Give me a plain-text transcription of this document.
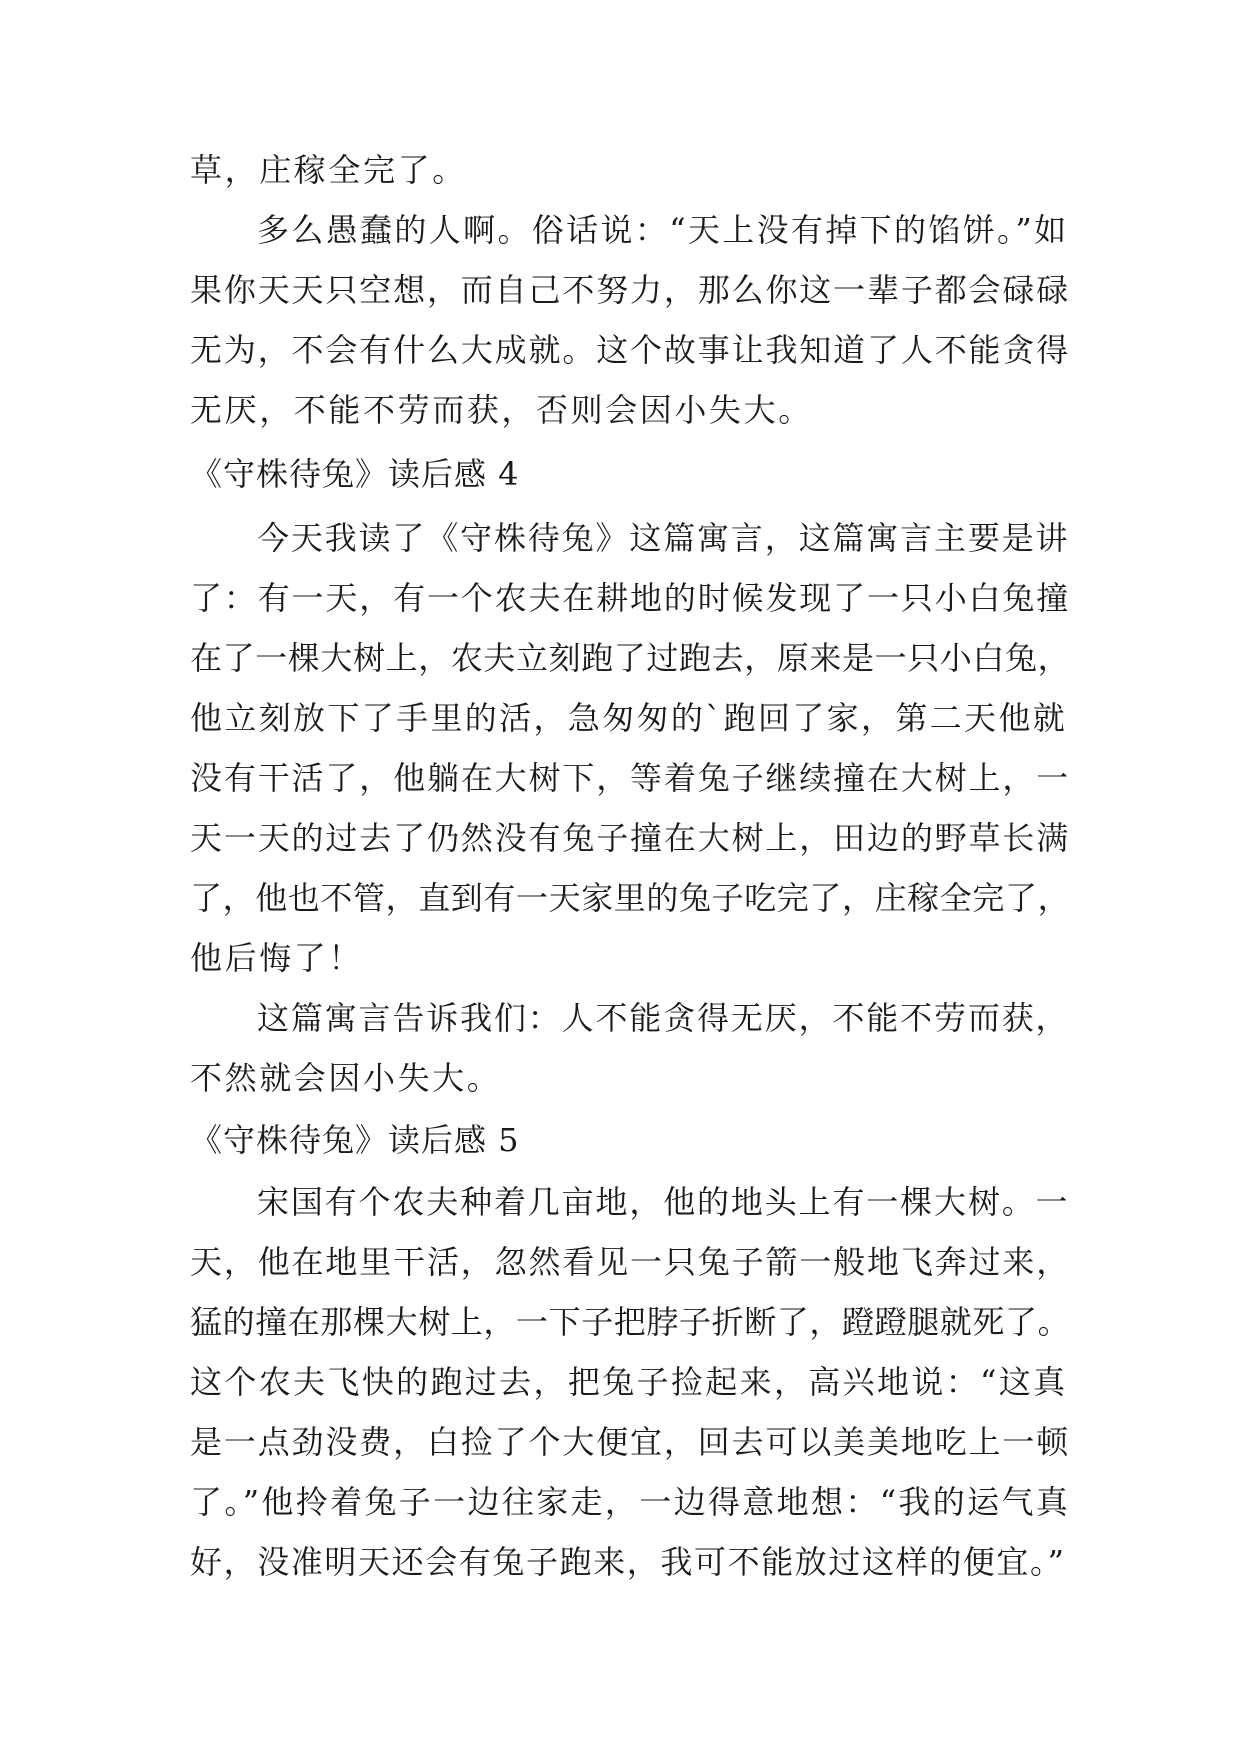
草，庄稼全完了。
多么愚蠢的人啊。俗话说：“天上没有掉下的馅饼。”如
果你天天只空想，而自己不努力，那么你这一辈子都会碌碌
无为，不会有什么大成就。这个故事让我知道了人不能贪得
无厌，不能不劳而获，否则会因小失大。
《守株待兔》读后感 4
今天我读了《守株待兔》这篇寓言，这篇寓言主要是讲
了：有一天，有一个农夫在耕地的时候发现了一只小白兔撞
在了一棵大树上，农夫立刻跑了过跑去，原来是一只小白兔，
他立刻放下了手里的活，急匆匆的`跑回了家，第二天他就
没有干活了，他躺在大树下，等着兔子继续撞在大树上，一
天一天的过去了仍然没有兔子撞在大树上，田边的野草长满
了，他也不管，直到有一天家里的兔子吃完了，庄稼全完了，
他后悔了！
这篇寓言告诉我们：人不能贪得无厌，不能不劳而获，
不然就会因小失大。
《守株待兔》读后感 5
宋国有个农夫种着几亩地，他的地头上有一棵大树。一
天，他在地里干活，忽然看见一只兔子箭一般地飞奔过来，
猛的撞在那棵大树上，一下子把脖子折断了，蹬蹬腿就死了。
这个农夫飞快的跑过去，把兔子捡起来，高兴地说：“这真
是一点劲没费，白捡了个大便宜，回去可以美美地吃上一顿
了。”他拎着兔子一边往家走，一边得意地想：“我的运气真
好，没准明天还会有兔子跑来，我可不能放过这样的便宜。”
